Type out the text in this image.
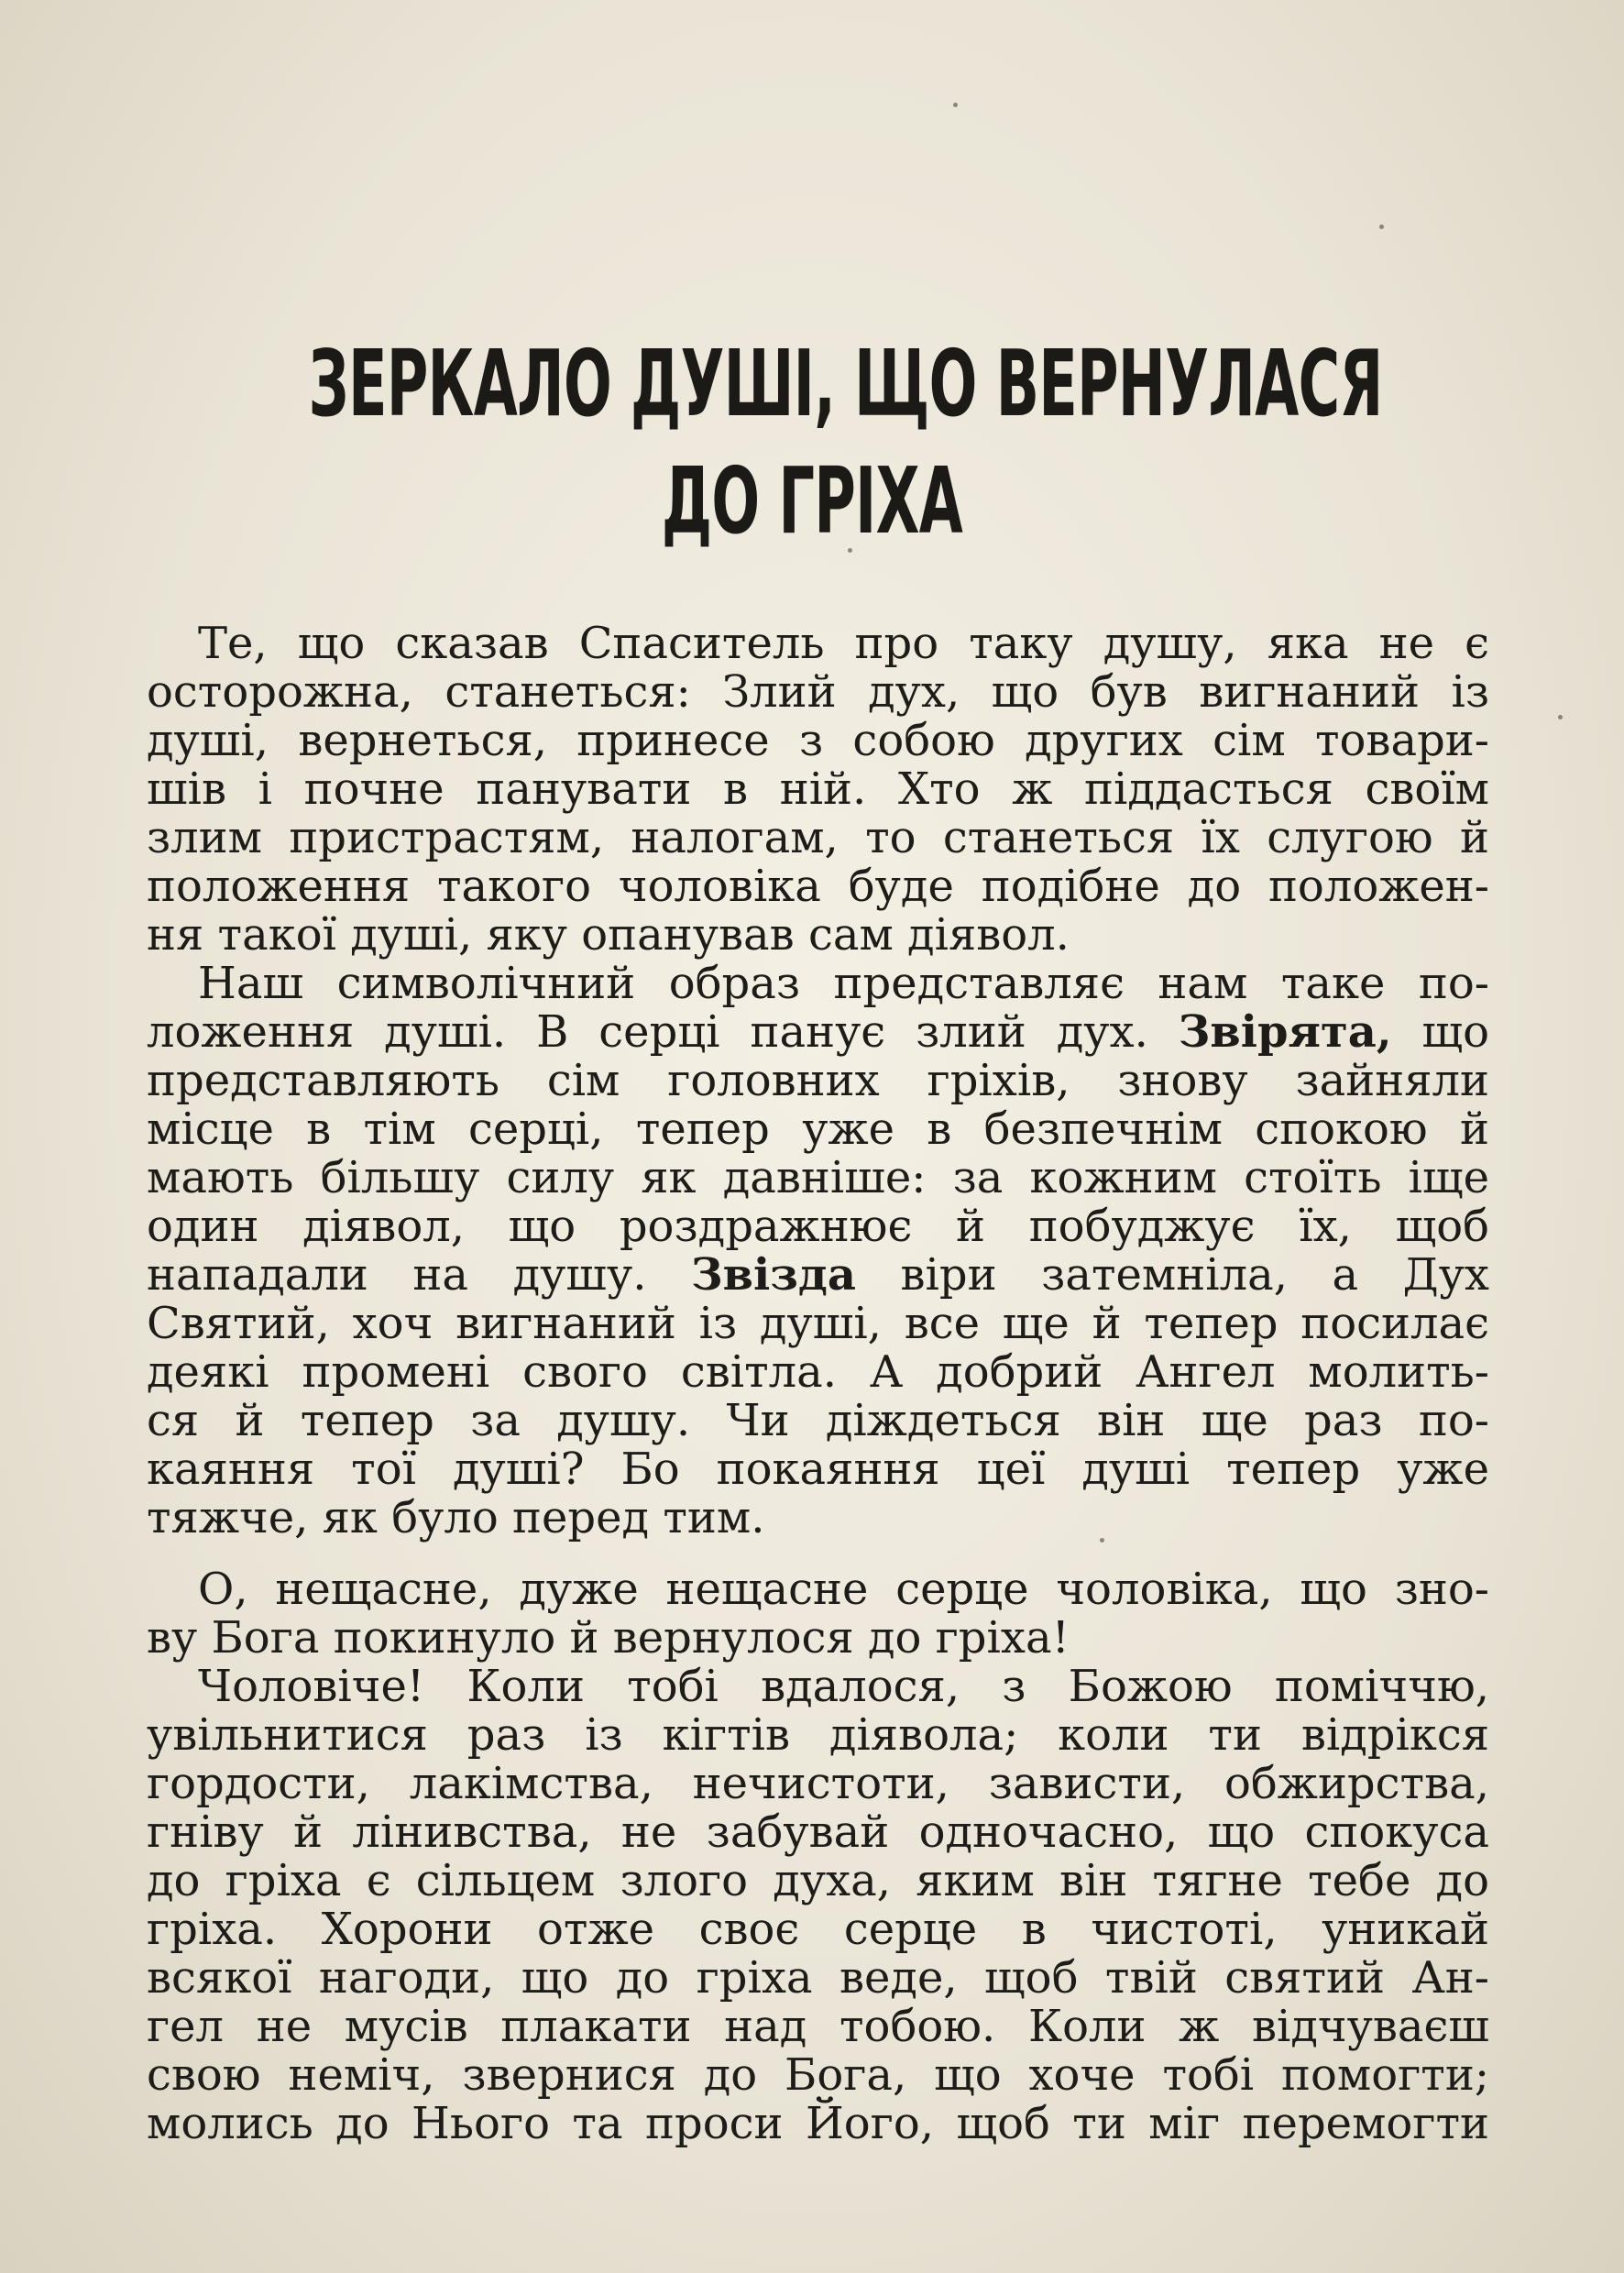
ЗЕРКАЛО ДУШІ, ЩО ВЕРНУЛАСЯ
ДО ГРІХА
Те, що сказав Спаситель про таку душу, яка не є
осторожна, станеться: Злий дух, що був вигнаний із
душі, вернеться, принесе з собою других сім товари-
шів і почне панувати в ній. Хто ж піддасться своїм
злим пристрастям, налогам, то станеться їх слугою й
положення такого чоловіка буде подібне до положен-
ня такої душі, яку опанував сам діявол.
Наш символічний образ представляє нам таке по-
ложення душі. В серці панує злий дух. Звірята, що
представляють сім головних гріхів, знову зайняли
місце в тім серці, тепер уже в безпечнім спокою й
мають більшу силу як давніше: за кожним стоїть іще
один діявол, що роздражнює й побуджує їх, щоб
нападали на душу. Звізда віри затемніла, а Дух
Святий, хоч вигнаний із душі, все ще й тепер посилає
деякі промені свого світла. А добрий Ангел молить-
ся й тепер за душу. Чи діждеться він ще раз по-
каяння тої душі? Бо покаяння цеї душі тепер уже
тяжче, як було перед тим.
О, нещасне, дуже нещасне серце чоловіка, що зно-
ву Бога покинуло й вернулося до гріха!
Чоловіче! Коли тобі вдалося, з Божою поміччю,
увільнитися раз із кігтів діявола; коли ти відрікся
гордости, лакімства, нечистоти, зависти, обжирства,
гніву й лінивства, не забувай одночасно, що спокуса
до гріха є сільцем злого духа, яким він тягне тебе до
гріха. Хорони отже своє серце в чистоті, уникай
всякої нагоди, що до гріха веде, щоб твій святий Ан-
гел не мусів плакати над тобою. Коли ж відчуваєш
свою неміч, звернися до Бога, що хоче тобі помогти;
молись до Нього та проси Його, щоб ти міг перемогти
